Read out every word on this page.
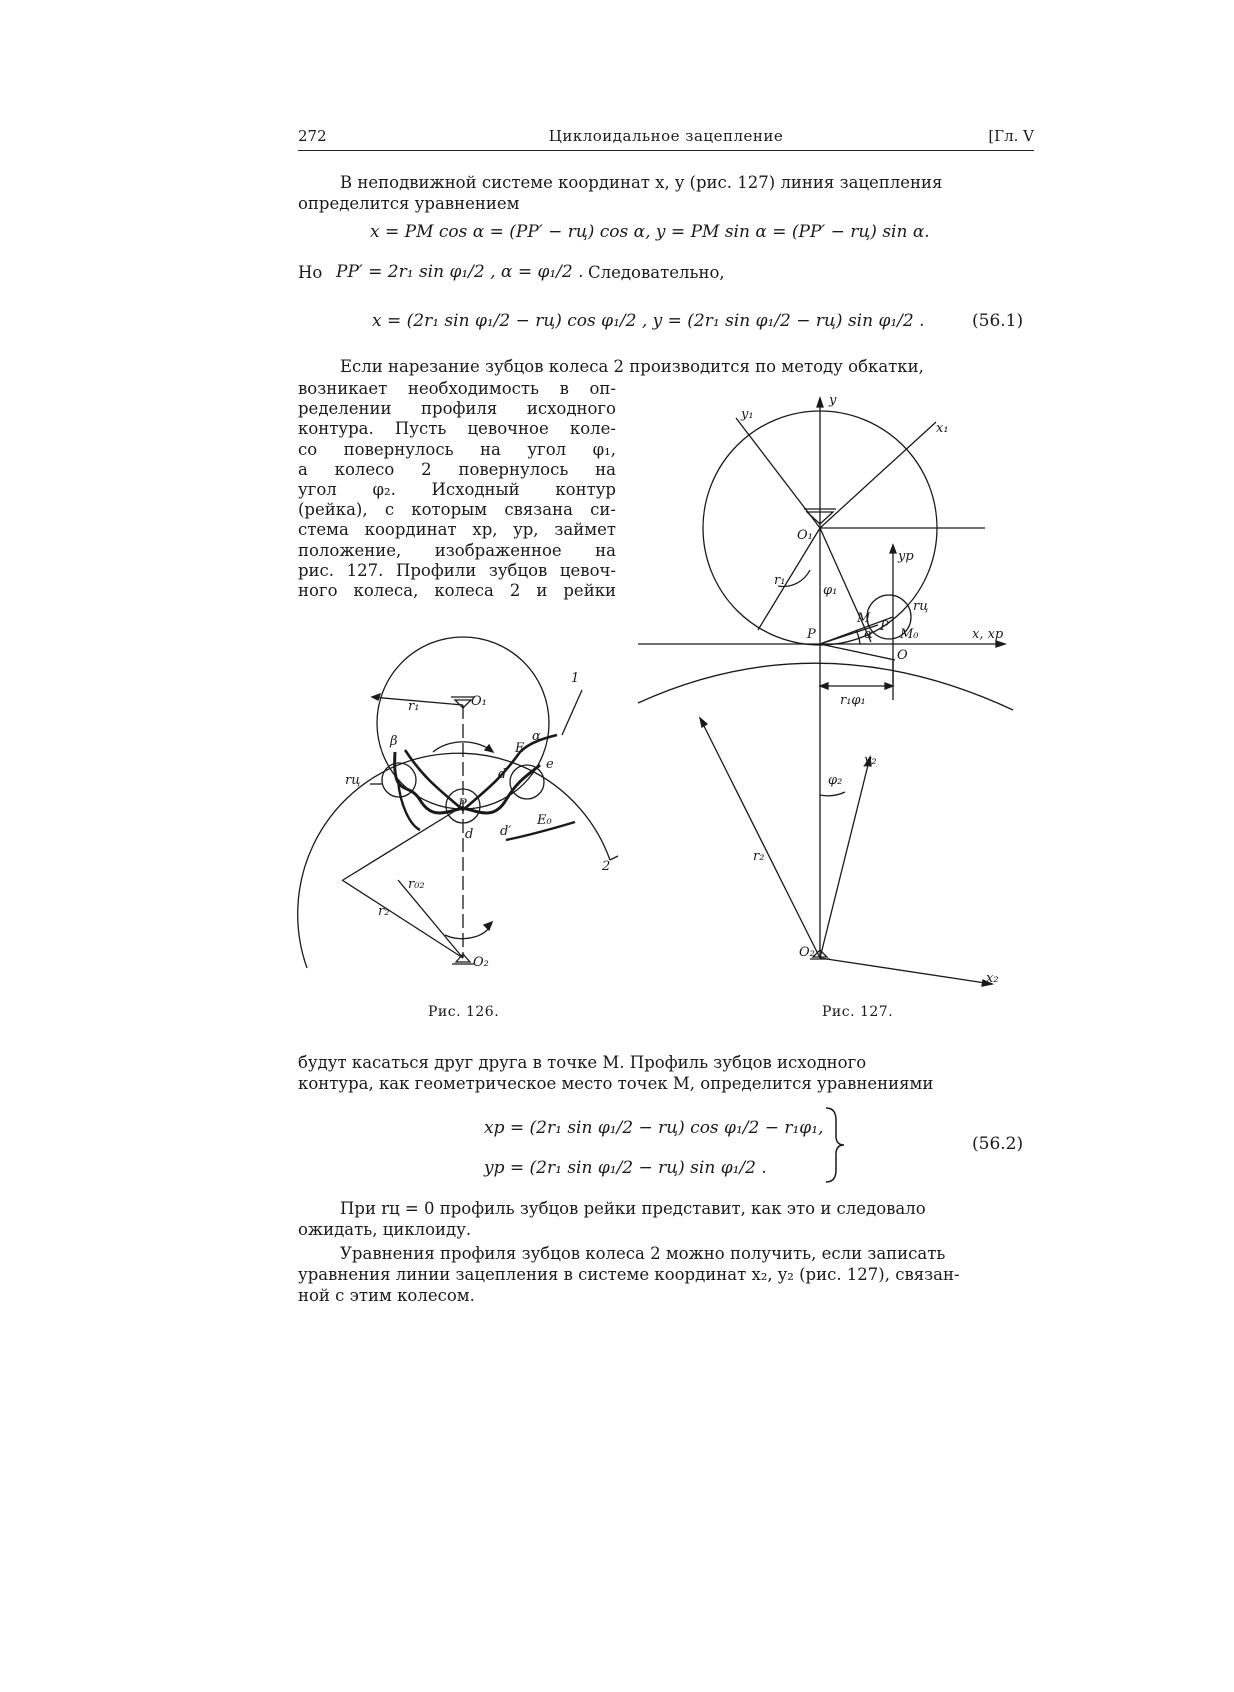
272	Циклоидальное зацепление	[Гл. V
В неподвижной системе координат x, y (рис. 127) линия зацепления
определится уравнением
x = PM cos α = (PP′ − rц) cos α, y = PM sin α = (PP′ − rц) sin α.
Но PP′ = 2r₁ sin φ₁/2 , α = φ₁/2 . Следовательно,
x = (2r₁ sin φ₁/2 − rц) cos φ₁/2 , y = (2r₁ sin φ₁/2 − rц) sin φ₁/2 .	(56.1)
Если нарезание зубцов колеса 2 производится по методу обкатки,
возникает необходимость в оп-
ределении профиля исходного
контура. Пусть цевочное коле-
со повернулось на угол φ₁,
а колесо 2 повернулось на
угол φ₂. Исходный контур
(рейка), с которым связана си-
стема координат xр, yр, займет
положение, изображенное на
рис. 127. Профили зубцов цевоч-
ного колеса, колеса 2 и рейки
O₁
O₂
r₁
r₀₂
r₂
rц
P
E
E₀
α
β
d
d′
d
e
1
2
y
y₁
x₁
O₁
yр
r₁
φ₁
rц
P
M
P′
M₀
α
O
x, xр
r₁φ₁
φ₂
y₂
r₂
O₂
x₂
Рис. 126.	Рис. 127.
будут касаться друг друга в точке M. Профиль зубцов исходного
контура, как геометрическое место точек M, определится уравнениями
xр = (2r₁ sin φ₁/2 − rц) cos φ₁/2 − r₁φ₁,
yр = (2r₁ sin φ₁/2 − rц) sin φ₁/2 .
(56.2)
При rц = 0 профиль зубцов рейки представит, как это и следовало
ожидать, циклоиду.
Уравнения профиля зубцов колеса 2 можно получить, если записать
уравнения линии зацепления в системе координат x₂, y₂ (рис. 127), связан-
ной с этим колесом.
